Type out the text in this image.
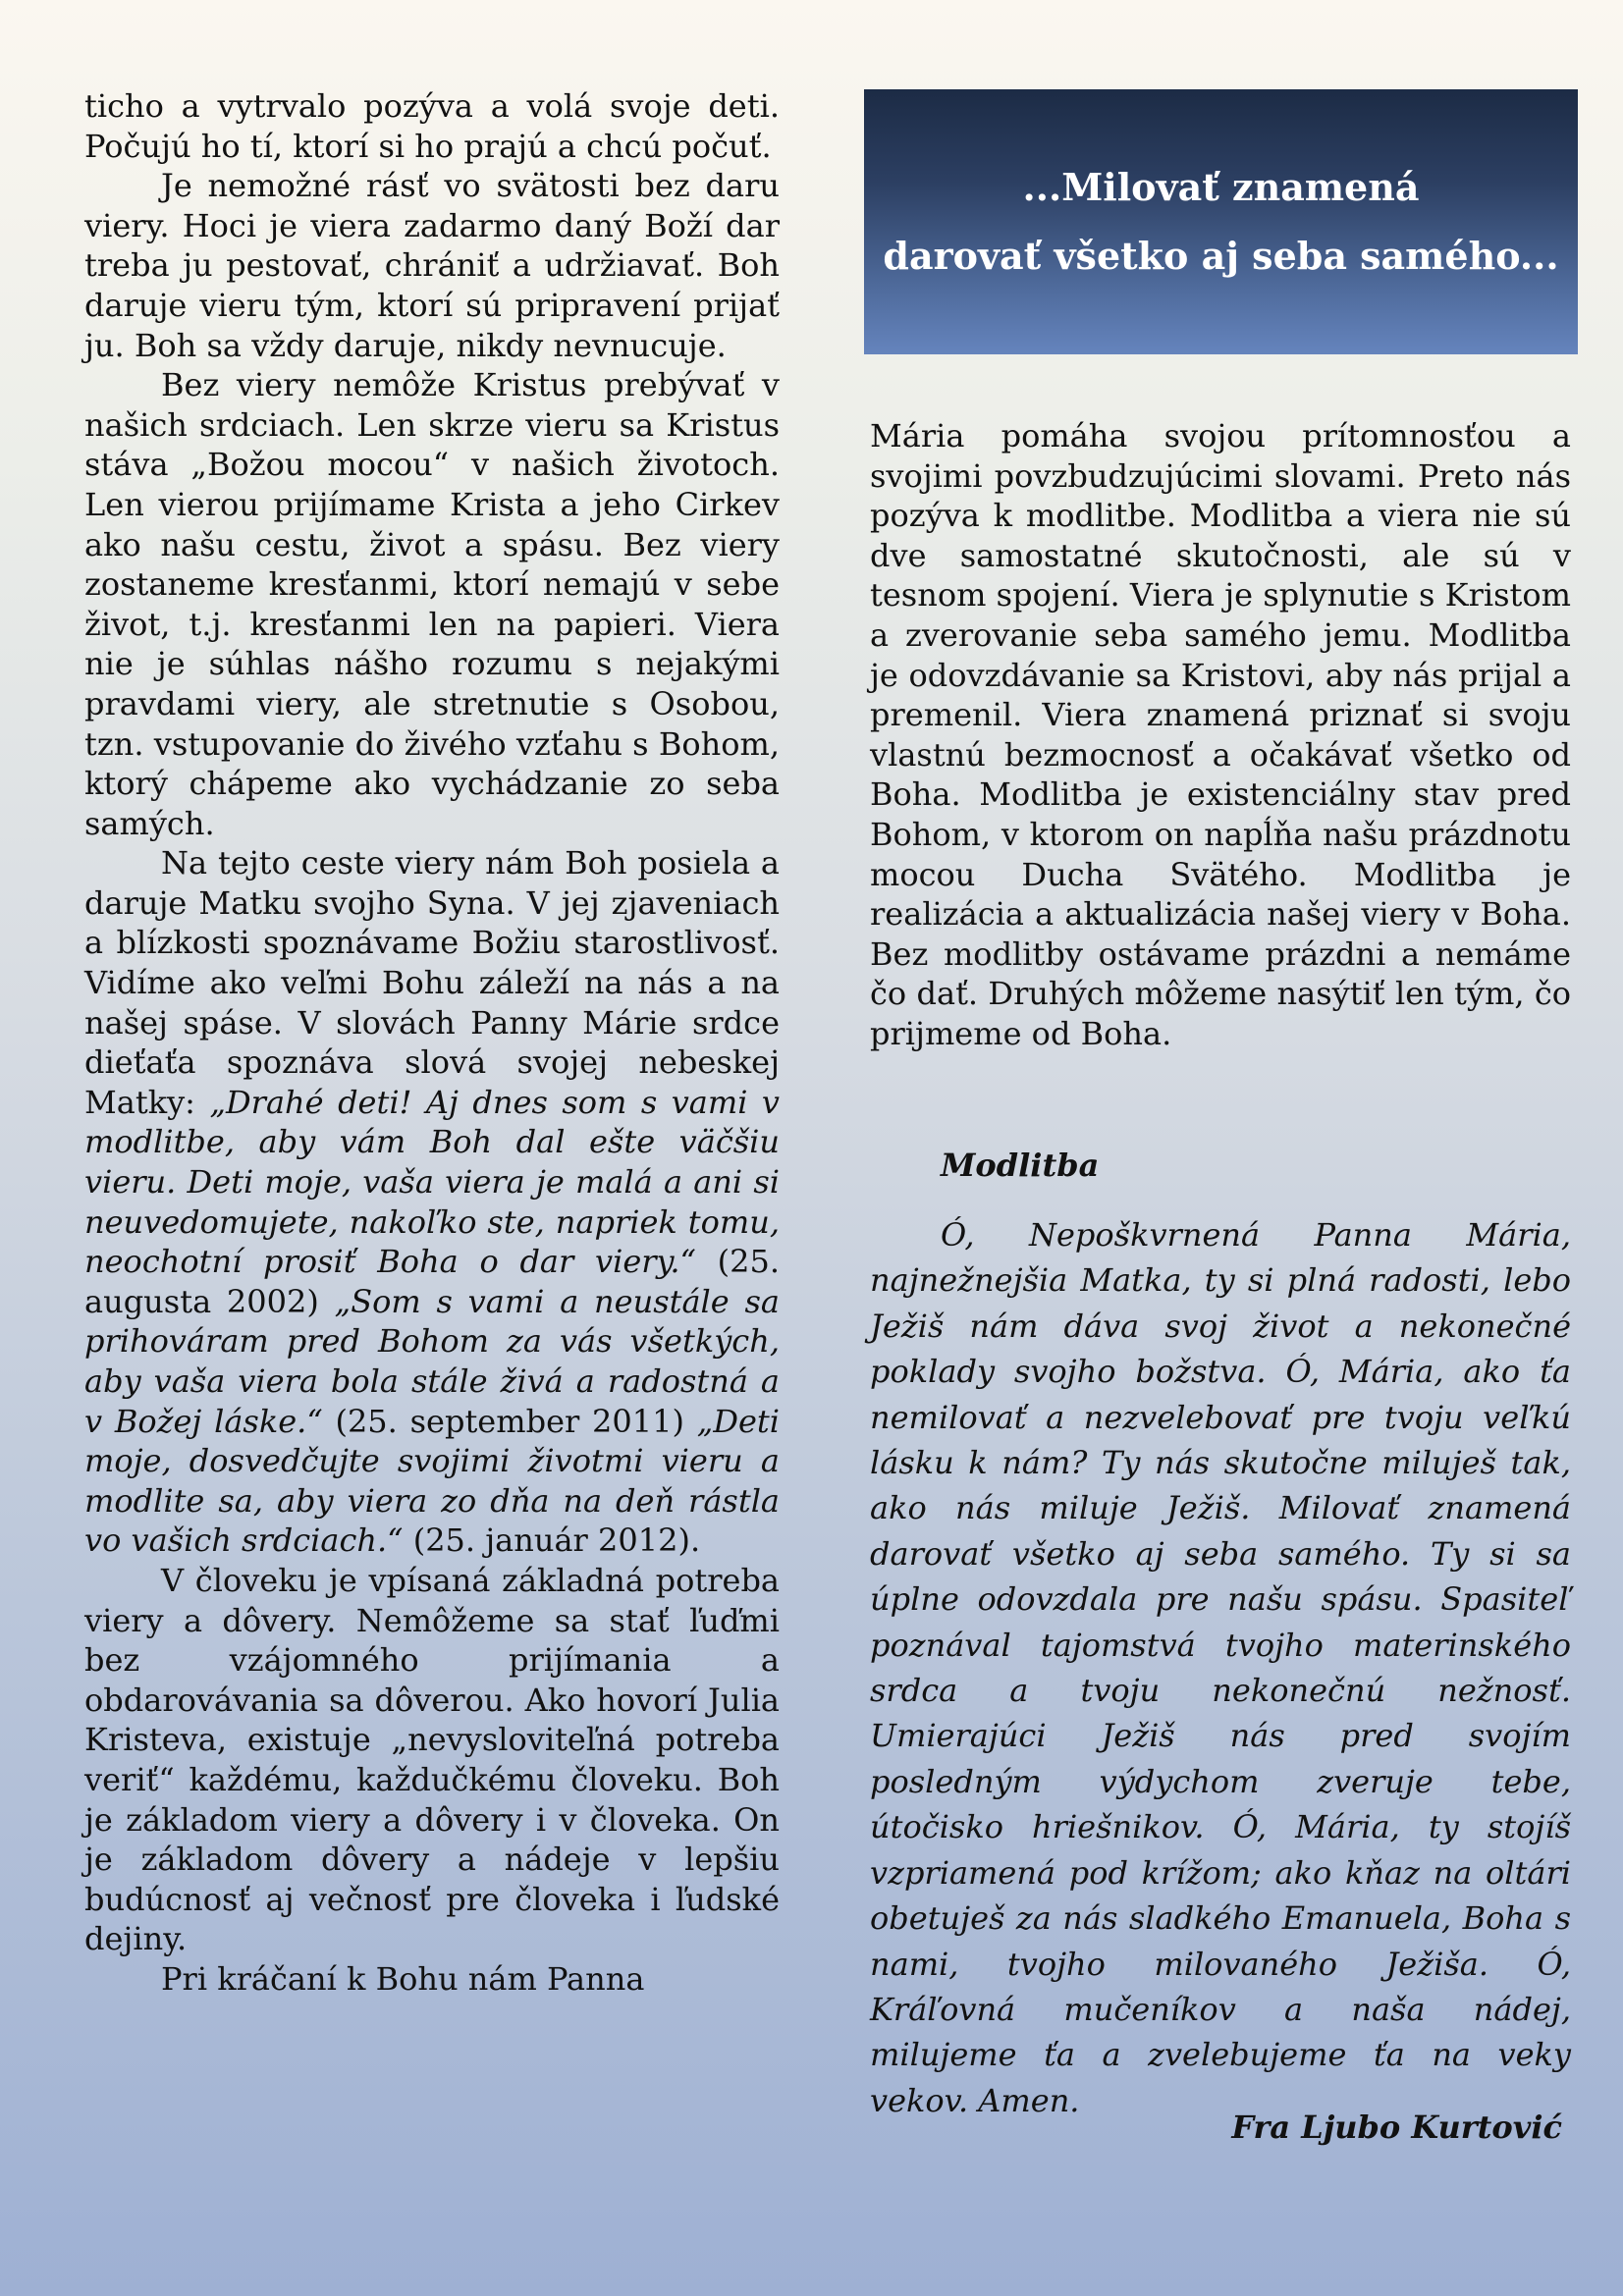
ticho a vytrvalo pozýva a volá svoje deti. Počujú ho tí, ktorí si ho prajú a chcú počuť.

Je nemožné rásť vo svätosti bez daru viery. Hoci je viera zadarmo daný Boží dar treba ju pestovať, chrániť a udržiavať. Boh daruje vieru tým, ktorí sú pripravení prijať ju. Boh sa vždy daruje, nikdy nevnucuje.

Bez viery nemôže Kristus prebývať v našich srdciach. Len skrze vieru sa Kristus stáva „Božou mocou“ v našich životoch. Len vierou prijímame Krista a jeho Cirkev ako našu cestu, život a spásu. Bez viery zostaneme kresťanmi, ktorí nemajú v sebe život, t.j. kresťanmi len na papieri. Viera nie je súhlas nášho rozumu s nejakými pravdami viery, ale stretnutie s Osobou, tzn. vstupovanie do živého vzťahu s Bohom, ktorý chápeme ako vychádzanie zo seba samých.

Na tejto ceste viery nám Boh posiela a daruje Matku svojho Syna. V jej zjaveniach a blízkosti spoznávame Božiu starostlivosť. Vidíme ako veľmi Bohu záleží na nás a na našej spáse. V slovách Panny Márie srdce dieťaťa spoznáva slová svojej nebeskej Matky: „Drahé deti! Aj dnes som s vami v modlitbe, aby vám Boh dal ešte väčšiu vieru. Deti moje, vaša viera je malá a ani si neuvedomujete, nakoľko ste, napriek tomu, neochotní prosiť Boha o dar viery.“ (25. augusta 2002) „Som s vami a neustále sa prihováram pred Bohom za vás všetkých, aby vaša viera bola stále živá a radostná a v Božej láske.“ (25. september 2011) „Deti moje, dosvedčujte svojimi životmi vieru a modlite sa, aby viera zo dňa na deň rástla vo vašich srdciach.“ (25. január 2012).

V človeku je vpísaná základná potreba viery a dôvery. Nemôžeme sa stať ľuďmi bez vzájomného prijímania a obdarovávania sa dôverou. Ako hovorí Julia Kristeva, existuje „nevysloviteľná potreba veriť“ každému, každučkému človeku. Boh je základom viery a dôvery i v človeka. On je základom dôvery a nádeje v lepšiu budúcnosť aj večnosť pre človeka i ľudské dejiny.

Pri kráčaní k Bohu nám Panna

...Milovať znamená
darovať všetko aj seba samého...

Mária pomáha svojou prítomnosťou a svojimi povzbudzujúcimi slovami. Preto nás pozýva k modlitbe. Modlitba a viera nie sú dve samostatné skutočnosti, ale sú v tesnom spojení. Viera je splynutie s Kristom a zverovanie seba samého jemu. Modlitba je odovzdávanie sa Kristovi, aby nás prijal a premenil. Viera znamená priznať si svoju vlastnú bezmocnosť a očakávať všetko od Boha. Modlitba je existenciálny stav pred Bohom, v ktorom on napĺňa našu prázdnotu mocou Ducha Svätého. Modlitba je realizácia a aktualizácia našej viery v Boha. Bez modlitby ostávame prázdni a nemáme čo dať. Druhých môžeme nasýtiť len tým, čo prijmeme od Boha.

Modlitba
Ó, Nepoškvrnená Panna Mária, najnežnejšia Matka, ty si plná radosti, lebo Ježiš nám dáva svoj život a nekonečné poklady svojho božstva. Ó, Mária, ako ťa nemilovať a nezvelebovať pre tvoju veľkú lásku k nám? Ty nás skutočne miluješ tak, ako nás miluje Ježiš. Milovať znamená darovať všetko aj seba samého. Ty si sa úplne odovzdala pre našu spásu. Spasiteľ poznával tajomstvá tvojho materinského srdca a tvoju nekonečnú nežnosť. Umierajúci Ježiš nás pred svojím posledným výdychom zveruje tebe, útočisko hriešnikov. Ó, Mária, ty stojíš vzpriamená pod krížom; ako kňaz na oltári obetuješ za nás sladkého Emanuela, Boha s nami, tvojho milovaného Ježiša. Ó, Kráľovná mučeníkov a naša nádej, milujeme ťa a zvelebujeme ťa na veky vekov. Amen.
Fra Ljubo Kurtović
